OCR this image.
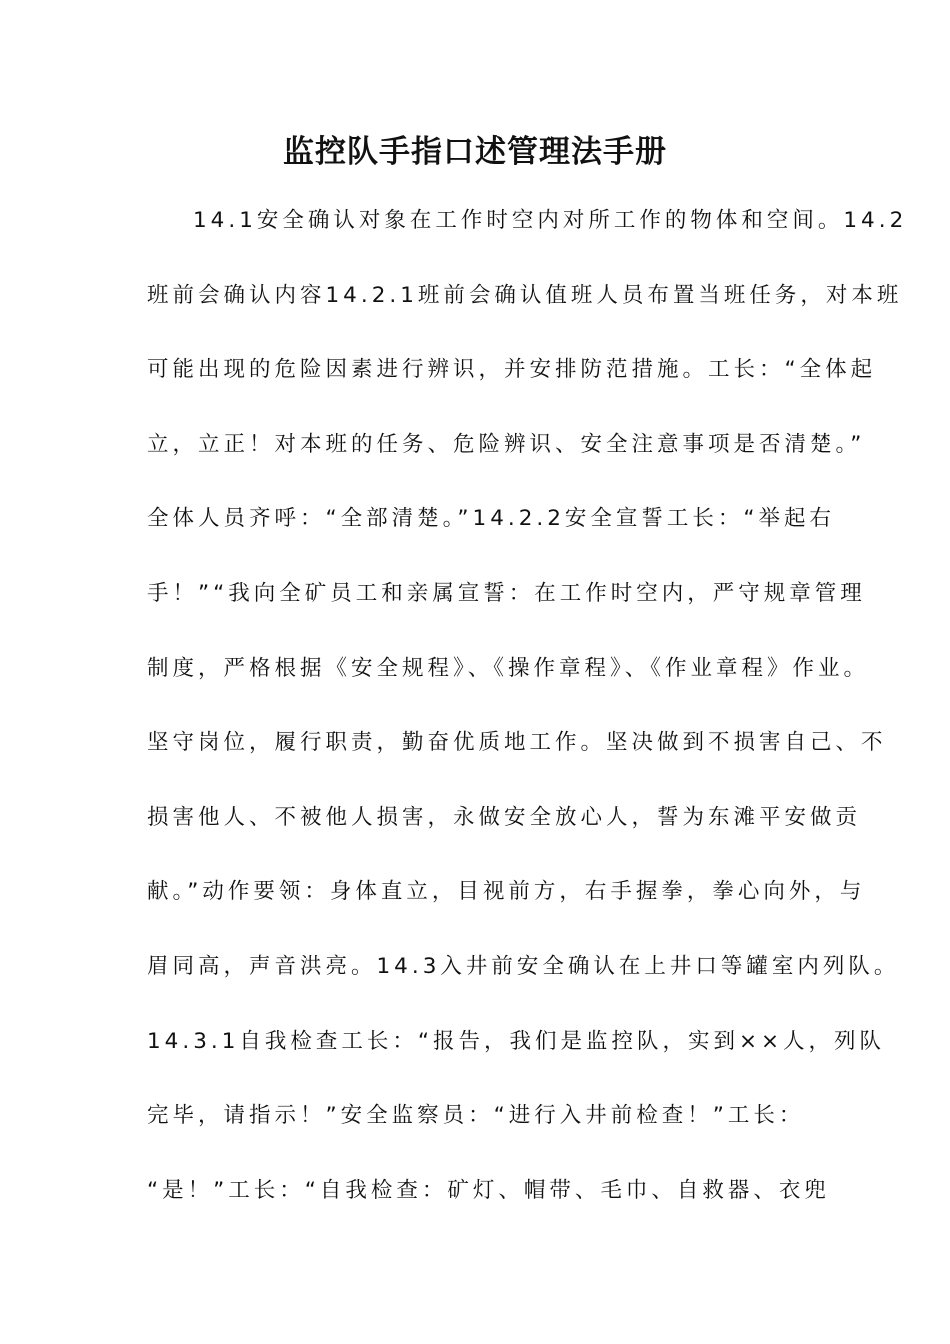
监控队手指口述管理法手册
14.1安全确认对象在工作时空内对所工作的物体和空间。14.2
班前会确认内容14.2.1班前会确认值班人员布置当班任务，对本班
可能出现的危险因素进行辨识，并安排防范措施。工长：“全体起
立，立正！对本班的任务、危险辨识、安全注意事项是否清楚。”
全体人员齐呼：“全部清楚。”14.2.2安全宣誓工长：“举起右
手！”“我向全矿员工和亲属宣誓：在工作时空内，严守规章管理
制度，严格根据《安全规程》、《操作章程》、《作业章程》作业。
坚守岗位，履行职责，勤奋优质地工作。坚决做到不损害自己、不
损害他人、不被他人损害，永做安全放心人，誓为东滩平安做贡
献。”动作要领：身体直立，目视前方，右手握拳，拳心向外，与
眉同高，声音洪亮。14.3入井前安全确认在上井口等罐室内列队。
14.3.1自我检查工长：“报告，我们是监控队，实到××人，列队
完毕，请指示！”安全监察员：“进行入井前检查！”工长：
“是！”工长：“自我检查：矿灯、帽带、毛巾、自救器、衣兜
